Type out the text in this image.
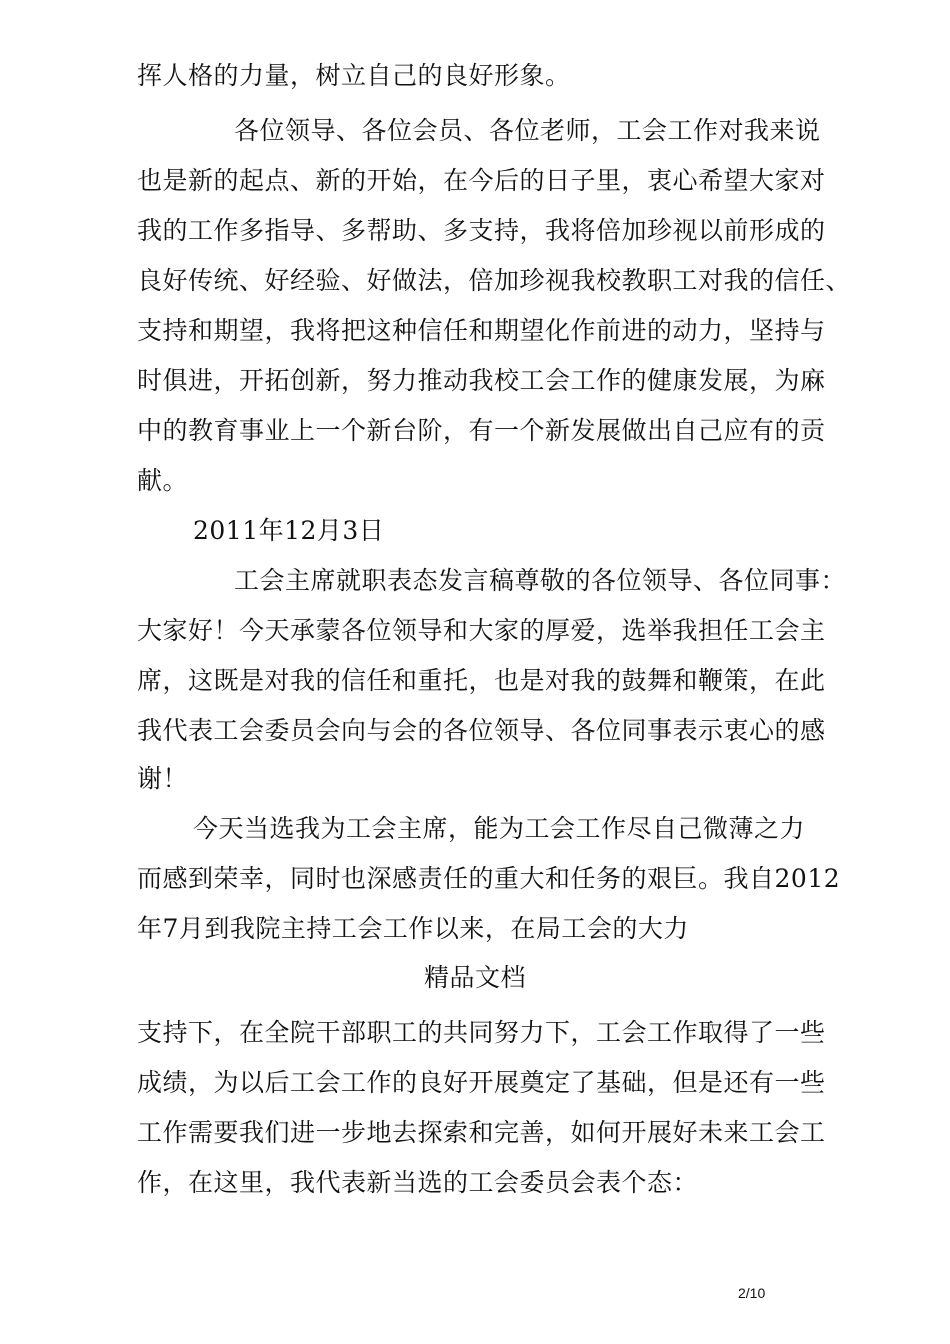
挥人格的力量，树立自己的良好形象。
各位领导、各位会员、各位老师，工会工作对我来说
也是新的起点、新的开始，在今后的日子里，衷心希望大家对
我的工作多指导、多帮助、多支持，我将倍加珍视以前形成的
良好传统、好经验、好做法，倍加珍视我校教职工对我的信任、
支持和期望，我将把这种信任和期望化作前进的动力，坚持与
时俱进，开拓创新，努力推动我校工会工作的健康发展，为麻
中的教育事业上一个新台阶，有一个新发展做出自己应有的贡
献。
2011年12月3日
工会主席就职表态发言稿尊敬的各位领导、各位同事：
大家好！今天承蒙各位领导和大家的厚爱，选举我担任工会主
席，这既是对我的信任和重托，也是对我的鼓舞和鞭策，在此
我代表工会委员会向与会的各位领导、各位同事表示衷心的感
谢！
今天当选我为工会主席，能为工会工作尽自己微薄之力
而感到荣幸，同时也深感责任的重大和任务的艰巨。我自2012
年7月到我院主持工会工作以来，在局工会的大力
精品文档
支持下，在全院干部职工的共同努力下，工会工作取得了一些
成绩，为以后工会工作的良好开展奠定了基础，但是还有一些
工作需要我们进一步地去探索和完善，如何开展好未来工会工
作，在这里，我代表新当选的工会委员会表个态：
2/10
